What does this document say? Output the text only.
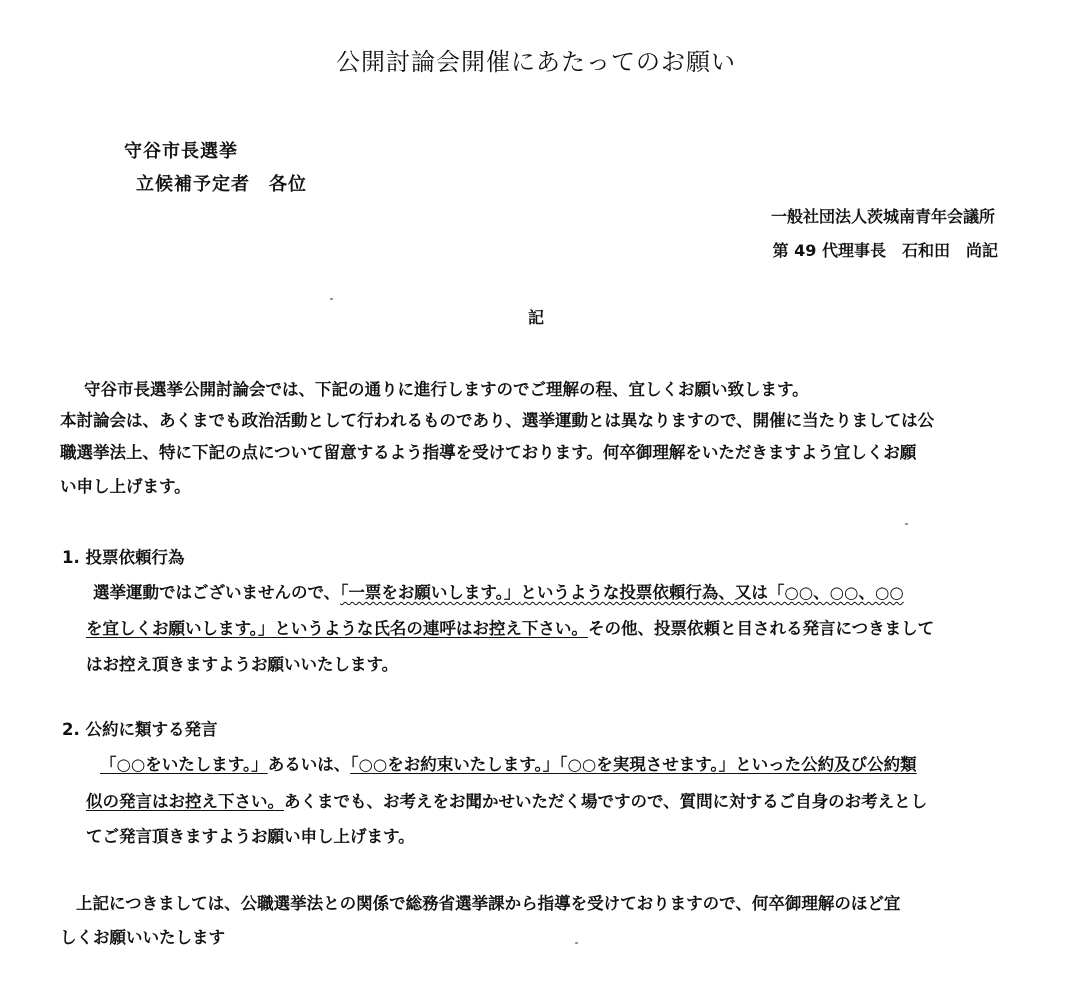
公開討論会開催にあたってのお願い
守谷市長選挙
立候補予定者　各位
一般社団法人茨城南青年会議所
第 49 代理事長　石和田　尚記
記
守谷市長選挙公開討論会では、下記の通りに進行しますのでご理解の程、宜しくお願い致します。
本討論会は、あくまでも政治活動として行われるものであり、選挙運動とは異なりますので、開催に当たりましては公
職選挙法上、特に下記の点について留意するよう指導を受けております。何卒御理解をいただきますよう宜しくお願
い申し上げます。
1. 投票依頼行為
選挙運動ではございませんので、「一票をお願いします。」というような投票依頼行為、又は「○○、○○、○○
を宜しくお願いします。」というような氏名の連呼はお控え下さい。その他、投票依頼と目される発言につきまして
はお控え頂きますようお願いいたします。
2. 公約に類する発言
「○○をいたします。」あるいは、「○○をお約束いたします。」「○○を実現させます。」といった公約及び公約類
似の発言はお控え下さい。あくまでも、お考えをお聞かせいただく場ですので、質問に対するご自身のお考えとし
てご発言頂きますようお願い申し上げます。
上記につきましては、公職選挙法との関係で総務省選挙課から指導を受けておりますので、何卒御理解のほど宜
しくお願いいたします
